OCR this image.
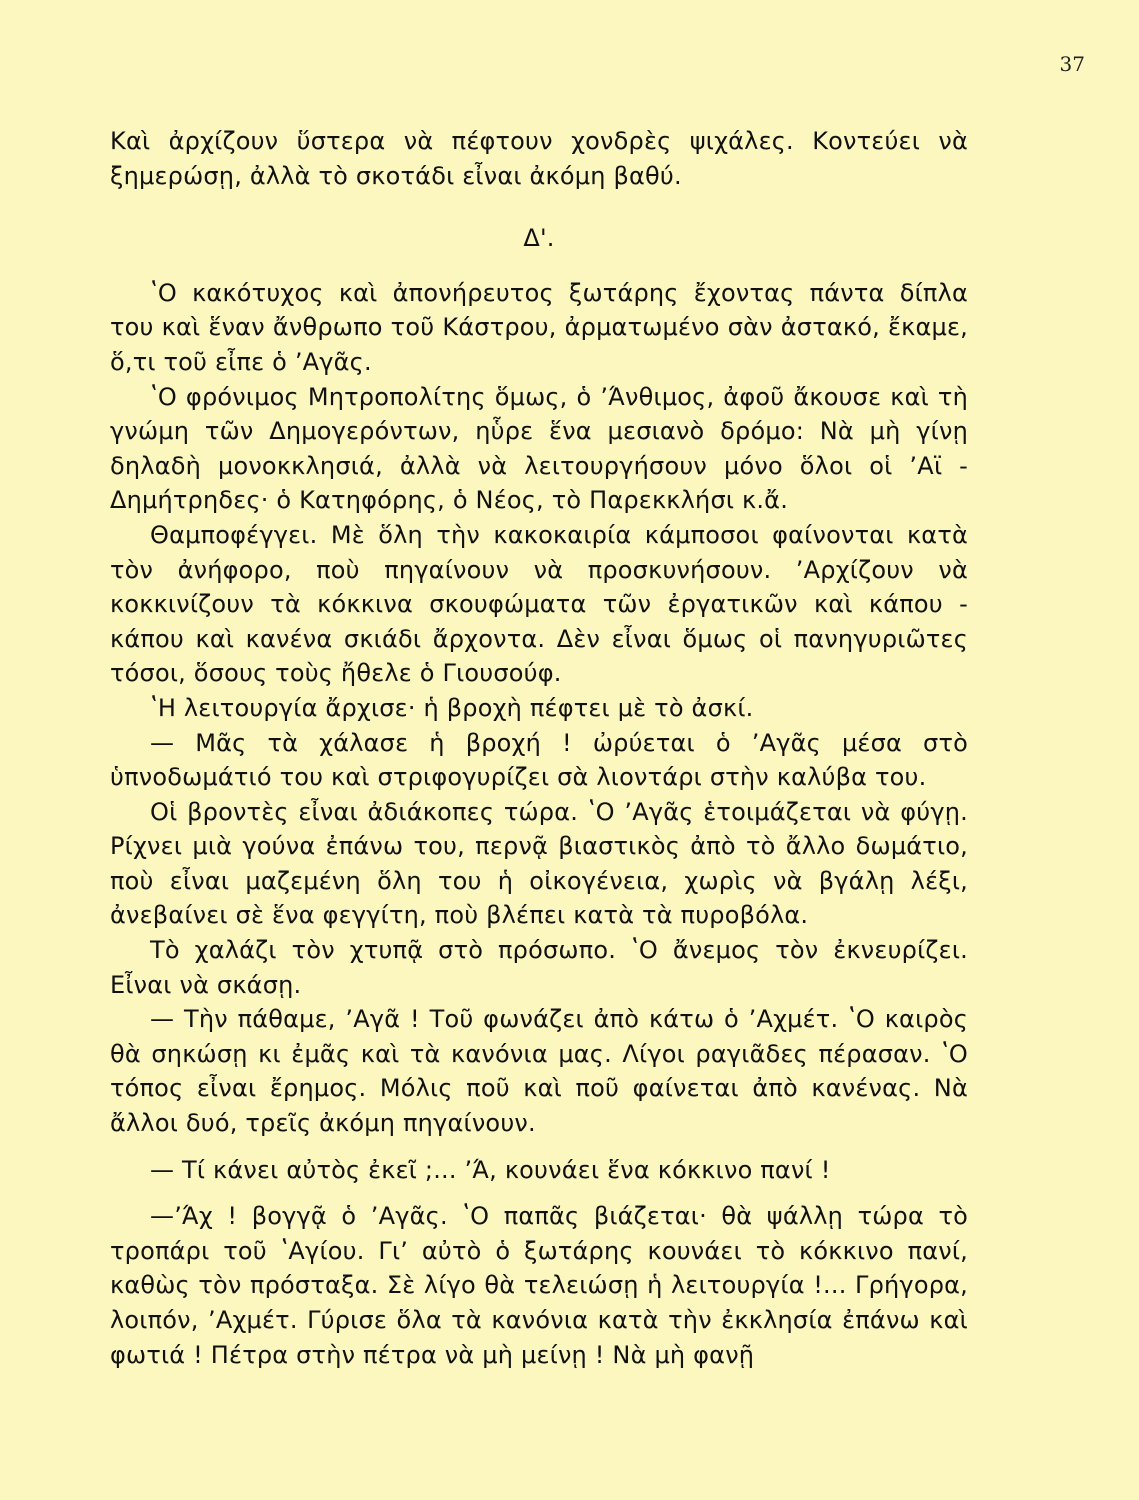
37

Καὶ ἀρχίζουν ὕστερα νὰ πέφτουν χονδρὲς ψιχάλες. Κοντεύει νὰ ξημερώσῃ, ἀλλὰ τὸ σκοτάδι εἶναι ἀκόμη βαθύ.

Δ'.

ʽΟ κακότυχος καὶ ἀπονήρευτος ξωτάρης ἔχοντας πάντα δίπλα του καὶ ἕναν ἄνθρωπο τοῦ Κάστρου, ἀρματωμένο σὰν ἀστακό, ἔκαμε, ὅ,τι τοῦ εἶπε ὁ ʼΑγᾶς.

ʽΟ φρόνιμος Μητροπολίτης ὅμως, ὁ ʼΆνθιμος, ἀφοῦ ἄκουσε καὶ τὴ γνώμη τῶν Δημογερόντων, ηὗρε ἕνα μεσιανὸ δρόμο: Νὰ μὴ γίνῃ δηλαδὴ μονοκκλησιά, ἀλλὰ νὰ λειτουργήσουν μόνο ὅλοι οἱ ʼΑϊ - Δημήτρηδες· ὁ Κατηφόρης, ὁ Νέος, τὸ Παρεκκλήσι κ.ἄ.

Θαμποφέγγει. Μὲ ὅλη τὴν κακοκαιρία κάμποσοι φαίνονται κατὰ τὸν ἀνήφορο, ποὺ πηγαίνουν νὰ προσκυνήσουν. ʼΑρχίζουν νὰ κοκκινίζουν τὰ κόκκινα σκουφώματα τῶν ἐργατικῶν καὶ κάπου - κάπου καὶ κανένα σκιάδι ἄρχοντα. Δὲν εἶναι ὅμως οἱ πανηγυριῶτες τόσοι, ὅσους τοὺς ἤθελε ὁ Γιουσούφ.

ʽΗ λειτουργία ἄρχισε· ἡ βροχὴ πέφτει μὲ τὸ ἀσκί.

— Μᾶς τὰ χάλασε ἡ βροχή ! ὠρύεται ὁ ʼΑγᾶς μέσα στὸ ὑπνοδωμάτιό του καὶ στριφογυρίζει σὰ λιοντάρι στὴν καλύβα του.

Οἱ βροντὲς εἶναι ἀδιάκοπες τώρα. ʽΟ ʼΑγᾶς ἑτοιμάζεται νὰ φύγῃ. Ρίχνει μιὰ γούνα ἐπάνω του, περνᾷ βιαστικὸς ἀπὸ τὸ ἄλλο δωμάτιο, ποὺ εἶναι μαζεμένη ὅλη του ἡ οἰκογένεια, χωρὶς νὰ βγάλῃ λέξι, ἀνεβαίνει σὲ ἕνα φεγγίτη, ποὺ βλέπει κατὰ τὰ πυροβόλα.

Τὸ χαλάζι τὸν χτυπᾷ στὸ πρόσωπο. ʽΟ ἄνεμος τὸν ἐκνευρίζει. Εἶναι νὰ σκάσῃ.

— Τὴν πάθαμε, ʼΑγᾶ ! Τοῦ φωνάζει ἀπὸ κάτω ὁ ʼΑχμέτ. ʽΟ καιρὸς θὰ σηκώσῃ κι ἐμᾶς καὶ τὰ κανόνια μας. Λίγοι ραγιᾶδες πέρασαν. ʽΟ τόπος εἶναι ἔρημος. Μόλις ποῦ καὶ ποῦ φαίνεται ἀπὸ κανένας. Νὰ ἄλλοι δυό, τρεῖς ἀκόμη πηγαίνουν.

— Τί κάνει αὐτὸς ἐκεῖ ;... ʼΆ, κουνάει ἕνα κόκκινο πανί !

—ʼΆχ ! βογγᾷ ὁ ʼΑγᾶς. ʽΟ παπᾶς βιάζεται· θὰ ψάλλῃ τώρα τὸ τροπάρι τοῦ ʽΑγίου. Γιʼ αὐτὸ ὁ ξωτάρης κουνάει τὸ κόκκινο πανί, καθὼς τὸν πρόσταξα. Σὲ λίγο θὰ τελειώσῃ ἡ λειτουργία !... Γρήγορα, λοιπόν, ʼΑχμέτ. Γύρισε ὅλα τὰ κανόνια κατὰ τὴν ἐκκλησία ἐπάνω καὶ φωτιά ! Πέτρα στὴν πέτρα νὰ μὴ μείνῃ ! Νὰ μὴ φανῇ
